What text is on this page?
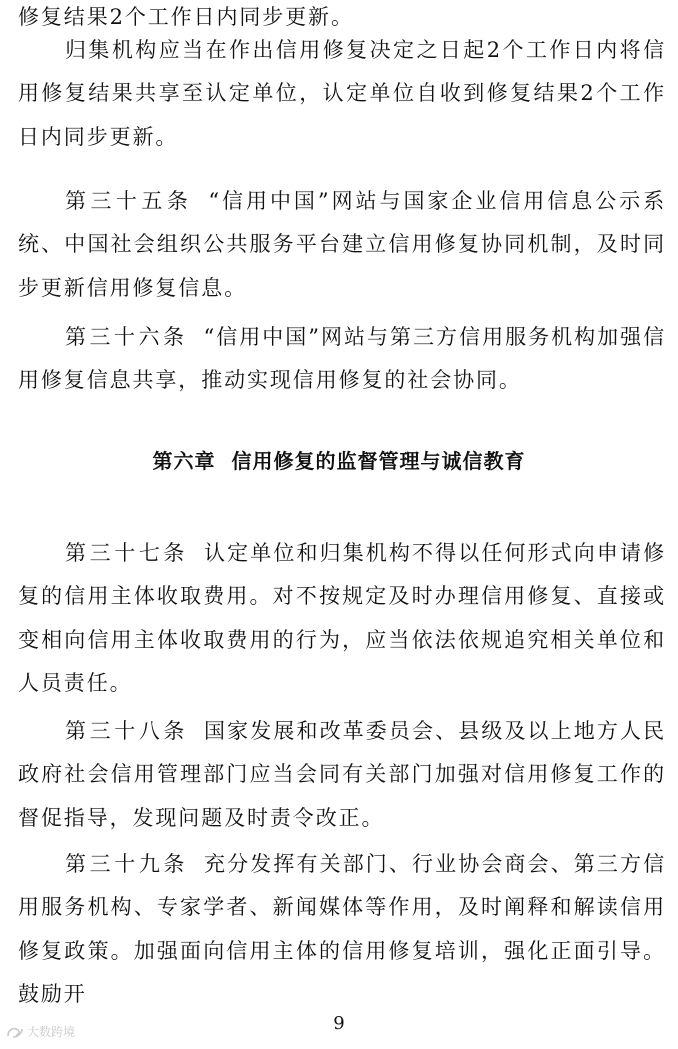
修复结果2个工作日内同步更新。

归集机构应当在作出信用修复决定之日起2个工作日内将信用修复结果共享至认定单位，认定单位自收到修复结果2个工作日内同步更新。

第三十五条 “信用中国”网站与国家企业信用信息公示系统、中国社会组织公共服务平台建立信用修复协同机制，及时同步更新信用修复信息。

第三十六条 “信用中国”网站与第三方信用服务机构加强信用修复信息共享，推动实现信用修复的社会协同。

第六章  信用修复的监督管理与诚信教育

第三十七条 认定单位和归集机构不得以任何形式向申请修复的信用主体收取费用。对不按规定及时办理信用修复、直接或变相向信用主体收取费用的行为，应当依法依规追究相关单位和人员责任。

第三十八条 国家发展和改革委员会、县级及以上地方人民政府社会信用管理部门应当会同有关部门加强对信用修复工作的督促指导，发现问题及时责令改正。

第三十九条 充分发挥有关部门、行业协会商会、第三方信用服务机构、专家学者、新闻媒体等作用，及时阐释和解读信用修复政策。加强面向信用主体的信用修复培训，强化正面引导。鼓励开

9
大数跨境
